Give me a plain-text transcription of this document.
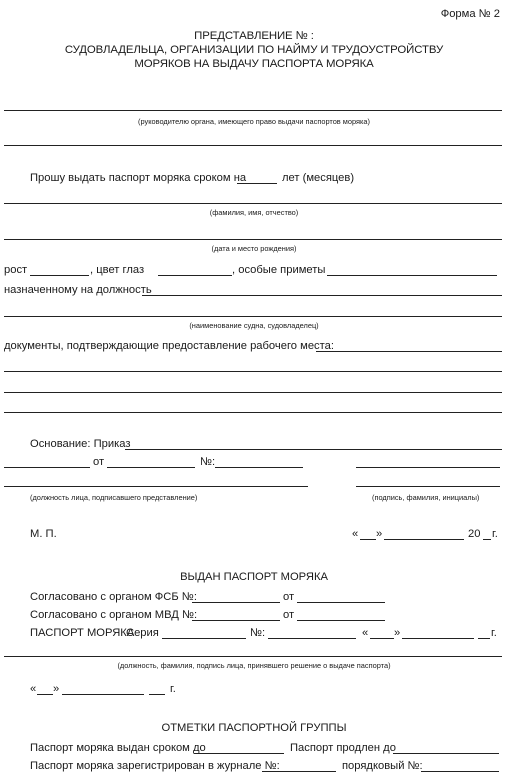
Форма № 2
ПРЕДСТАВЛЕНИЕ № :
СУДОВЛАДЕЛЬЦА, ОРГАНИЗАЦИИ ПО НАЙМУ И ТРУДОУСТРОЙСТВУ
МОРЯКОВ НА ВЫДАЧУ ПАСПОРТА МОРЯКА
(руководителю органа, имеющего право выдачи паспортов моряка)
Прошу выдать паспорт моряка сроком на	лет (месяцев)
(фамилия, имя, отчество)
(дата и место рождения)
рост	, цвет глаз	, особые приметы
назначенному на должность
(наименование судна, судовладелец)
документы, подтверждающие предоставление рабочего места:
Основание: Приказ
от	№:
(должность лица, подписавшего представление)	(подпись, фамилия, инициалы)
М. П.	« »	20 г.
ВЫДАН ПАСПОРТ МОРЯКА
Согласовано с органом ФСБ №:	от
Согласовано с органом МВД №:	от
ПАСПОРТ МОРЯКА
Серия	№:	« »	г.
(должность, фамилия, подпись лица, принявшего решение о выдаче паспорта)
« »	г.
ОТМЕТКИ ПАСПОРТНОЙ ГРУППЫ
Паспорт моряка выдан сроком до	Паспорт продлен до
Паспорт моряка зарегистрирован в журнале №:	порядковый №:
